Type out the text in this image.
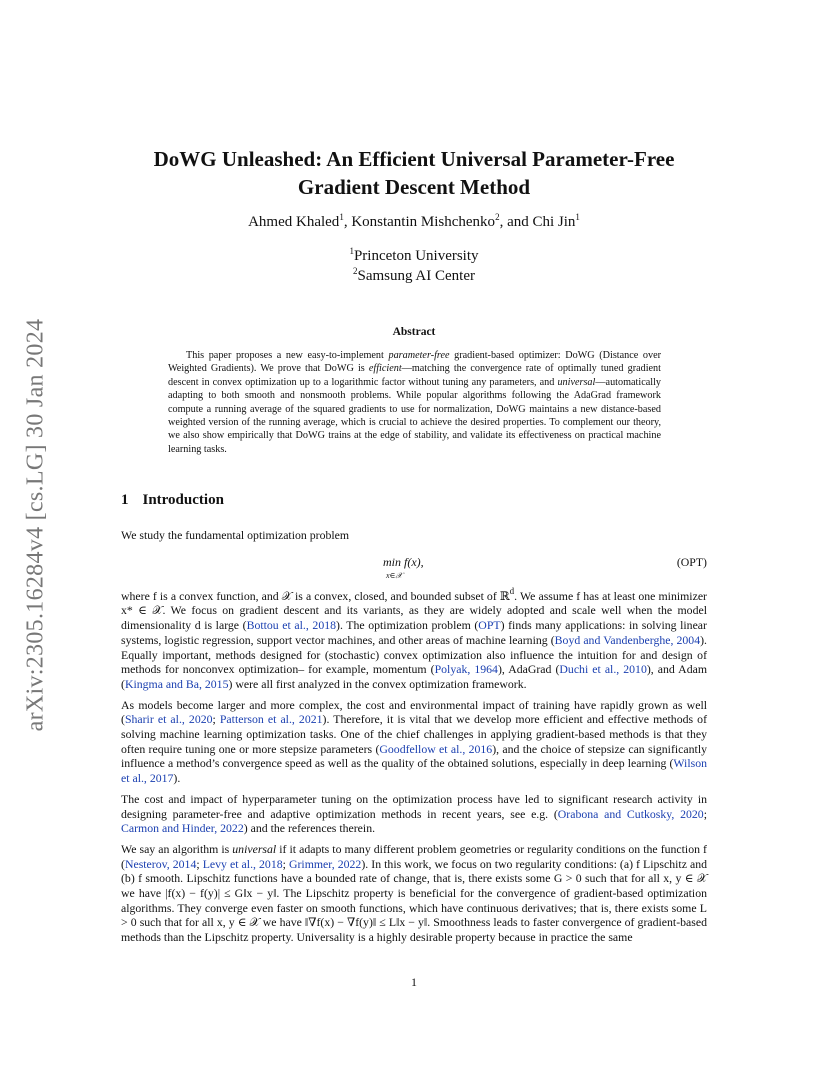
arXiv:2305.16284v4 [cs.LG] 30 Jan 2024
DoWG Unleashed: An Efficient Universal Parameter-Free
Gradient Descent Method
Ahmed Khaled$^1$, Konstantin Mishchenko$^2$, and Chi Jin$^1$
$^1$Princeton University
$^2$Samsung AI Center
Abstract

This paper proposes a new easy-to-implement parameter-free gradient-based optimizer: DoWG (Distance over Weighted Gradients). We prove that DoWG is efficient—matching the convergence rate of optimally tuned gradient descent in convex optimization up to a logarithmic factor without tuning any parameters, and universal—automatically adapting to both smooth and nonsmooth problems. While popular algorithms following the AdaGrad framework compute a running average of the squared gradients to use for normalization, DoWG maintains a new distance-based weighted version of the running average, which is crucial to achieve the desired properties. To complement our theory, we also show empirically that DoWG trains at the edge of stability, and validate its effectiveness on practical machine learning tasks.

1 Introduction

We study the fundamental optimization problem

min f(x),
x∈𝒳
(OPT)

where f is a convex function, and 𝒳 is a convex, closed, and bounded subset of ℝ$^d$. We assume f has at least one minimizer x* ∈ 𝒳. We focus on gradient descent and its variants, as they are widely adopted and scale well when the model dimensionality d is large (Bottou et al., 2018). The optimization problem (OPT) finds many applications: in solving linear systems, logistic regression, support vector machines, and other areas of machine learning (Boyd and Vandenberghe, 2004). Equally important, methods designed for (stochastic) convex optimization also influence the intuition for and design of methods for nonconvex optimization– for example, momentum (Polyak, 1964), AdaGrad (Duchi et al., 2010), and Adam (Kingma and Ba, 2015) were all first analyzed in the convex optimization framework.

As models become larger and more complex, the cost and environmental impact of training have rapidly grown as well (Sharir et al., 2020; Patterson et al., 2021). Therefore, it is vital that we develop more efficient and effective methods of solving machine learning optimization tasks. One of the chief challenges in applying gradient-based methods is that they often require tuning one or more stepsize parameters (Goodfellow et al., 2016), and the choice of stepsize can significantly influence a method’s convergence speed as well as the quality of the obtained solutions, especially in deep learning (Wilson et al., 2017).

The cost and impact of hyperparameter tuning on the optimization process have led to significant research activity in designing parameter-free and adaptive optimization methods in recent years, see e.g. (Orabona and Cutkosky, 2020; Carmon and Hinder, 2022) and the references therein.

We say an algorithm is universal if it adapts to many different problem geometries or regularity conditions on the function f (Nesterov, 2014; Levy et al., 2018; Grimmer, 2022). In this work, we focus on two regularity conditions: (a) f Lipschitz and (b) f smooth. Lipschitz functions have a bounded rate of change, that is, there exists some G > 0 such that for all x, y ∈ 𝒳 we have |f(x) − f(y)| ≤ G‖x − y‖. The Lipschitz property is beneficial for the convergence of gradient-based optimization algorithms. They converge even faster on smooth functions, which have continuous derivatives; that is, there exists some L > 0 such that for all x, y ∈ 𝒳 we have ‖∇f(x) − ∇f(y)‖ ≤ L‖x − y‖. Smoothness leads to faster convergence of gradient-based methods than the Lipschitz property. Universality is a highly desirable property because in practice the same

1
